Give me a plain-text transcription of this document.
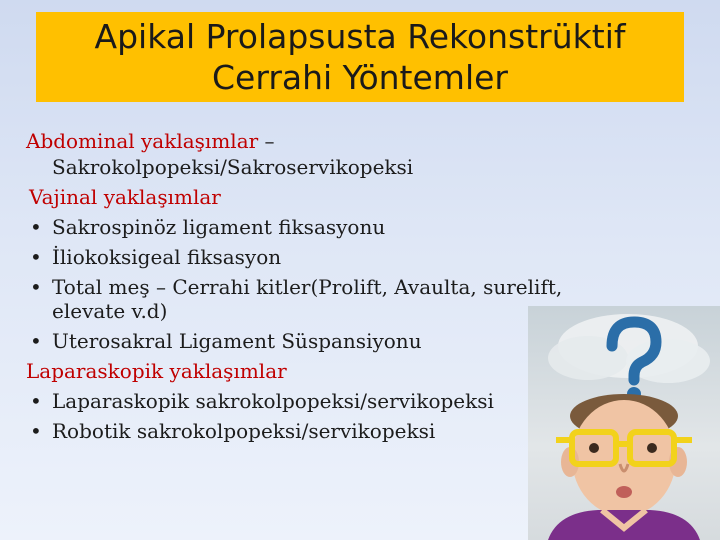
Apikal Prolapsusta Rekonstrüktif
Cerrahi Yöntemler
Abdominal yaklaşımlar –
Sakrokolpopeksi/Sakroservikopeksi
Vajinal yaklaşımlar
• Sakrospinöz ligament fiksasyonu
• İliokoksigeal fiksasyon
• Total meş – Cerrahi kitler(Prolift, Avaulta, surelift,
elevate v.d)
• Uterosakral Ligament Süspansiyonu
Laparaskopik yaklaşımlar
• Laparaskopik sakrokolpopeksi/servikopeksi
• Robotik sakrokolpopeksi/servikopeksi
